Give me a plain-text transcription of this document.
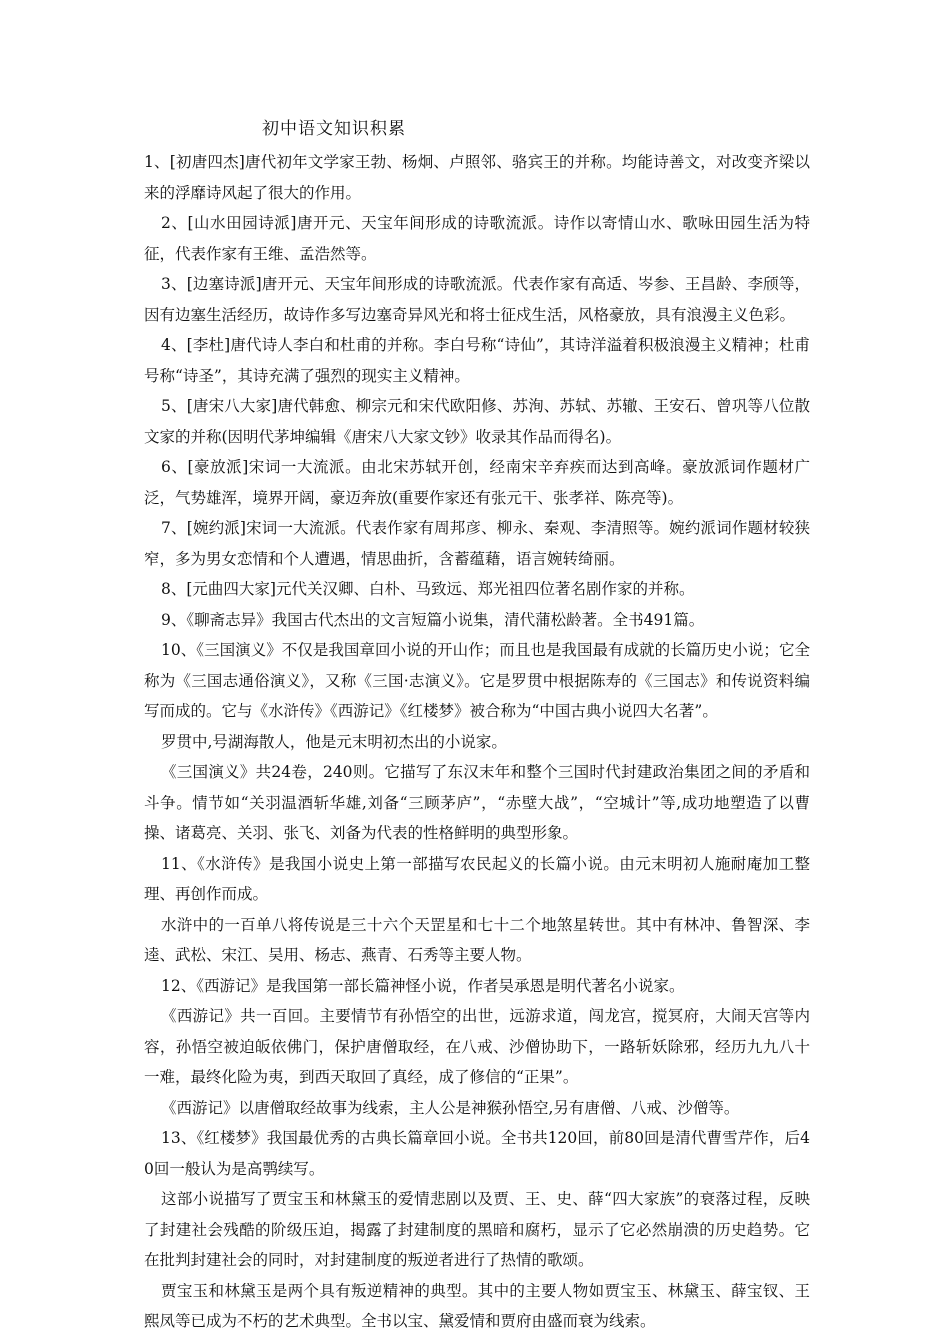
初中语文知识积累

1、[初唐四杰]唐代初年文学家王勃、杨炯、卢照邻、骆宾王的并称。均能诗善文，对改变齐梁以来的浮靡诗风起了很大的作用。

2、[山水田园诗派]唐开元、天宝年间形成的诗歌流派。诗作以寄情山水、歌咏田园生活为特征，代表作家有王维、孟浩然等。

3、[边塞诗派]唐开元、天宝年间形成的诗歌流派。代表作家有高适、岑参、王昌龄、李颀等，因有边塞生活经历，故诗作多写边塞奇异风光和将士征戍生活，风格豪放，具有浪漫主义色彩。

4、[李杜]唐代诗人李白和杜甫的并称。李白号称“诗仙”，其诗洋溢着积极浪漫主义精神；杜甫号称“诗圣”，其诗充满了强烈的现实主义精神。

5、[唐宋八大家]唐代韩愈、柳宗元和宋代欧阳修、苏洵、苏轼、苏辙、王安石、曾巩等八位散文家的并称(因明代茅坤编辑《唐宋八大家文钞》收录其作品而得名)。

6、[豪放派]宋词一大流派。由北宋苏轼开创，经南宋辛弃疾而达到高峰。豪放派词作题材广泛，气势雄浑，境界开阔，豪迈奔放(重要作家还有张元干、张孝祥、陈亮等)。

7、[婉约派]宋词一大流派。代表作家有周邦彦、柳永、秦观、李清照等。婉约派词作题材较狭窄，多为男女恋情和个人遭遇，情思曲折，含蓄蕴藉，语言婉转绮丽。

8、[元曲四大家]元代关汉卿、白朴、马致远、郑光祖四位著名剧作家的并称。

9、《聊斋志异》我国古代杰出的文言短篇小说集，清代蒲松龄著。全书491篇。

10、《三国演义》不仅是我国章回小说的开山作；而且也是我国最有成就的长篇历史小说；它全称为《三国志通俗演义》，又称《三国·志演义》。它是罗贯中根据陈寿的《三国志》和传说资料编写而成的。它与《水浒传》《西游记》《红楼梦》被合称为“中国古典小说四大名著”。

罗贯中,号湖海散人，他是元末明初杰出的小说家。

《三国演义》共24卷，240则。它描写了东汉末年和整个三国时代封建政治集团之间的矛盾和斗争。情节如“关羽温酒斩华雄,刘备“三顾茅庐”，“赤壁大战”，“空城计”等,成功地塑造了以曹操、诸葛亮、关羽、张飞、刘备为代表的性格鲜明的典型形象。

11、《水浒传》是我国小说史上第一部描写农民起义的长篇小说。由元末明初人施耐庵加工整理、再创作而成。

水浒中的一百单八将传说是三十六个天罡星和七十二个地煞星转世。其中有林冲、鲁智深、李逵、武松、宋江、吴用、杨志、燕青、石秀等主要人物。

12、《西游记》是我国第一部长篇神怪小说，作者吴承恩是明代著名小说家。

《西游记》共一百回。主要情节有孙悟空的出世，远游求道，闯龙宫，搅冥府，大闹天宫等内容，孙悟空被迫皈依佛门，保护唐僧取经，在八戒、沙僧协助下，一路斩妖除邪，经历九九八十一难，最终化险为夷，到西天取回了真经，成了修信的“正果”。

《西游记》以唐僧取经故事为线索，主人公是神猴孙悟空,另有唐僧、八戒、沙僧等。

13、《红楼梦》我国最优秀的古典长篇章回小说。全书共120回，前80回是清代曹雪芹作，后40回一般认为是高鹗续写。

这部小说描写了贾宝玉和林黛玉的爱情悲剧以及贾、王、史、薛“四大家族”的衰落过程，反映了封建社会残酷的阶级压迫，揭露了封建制度的黑暗和腐朽，显示了它必然崩溃的历史趋势。它在批判封建社会的同时，对封建制度的叛逆者进行了热情的歌颂。

贾宝玉和林黛玉是两个具有叛逆精神的典型。其中的主要人物如贾宝玉、林黛玉、薛宝钗、王熙凤等已成为不朽的艺术典型。全书以宝、黛爱情和贾府由盛而衰为线索。
